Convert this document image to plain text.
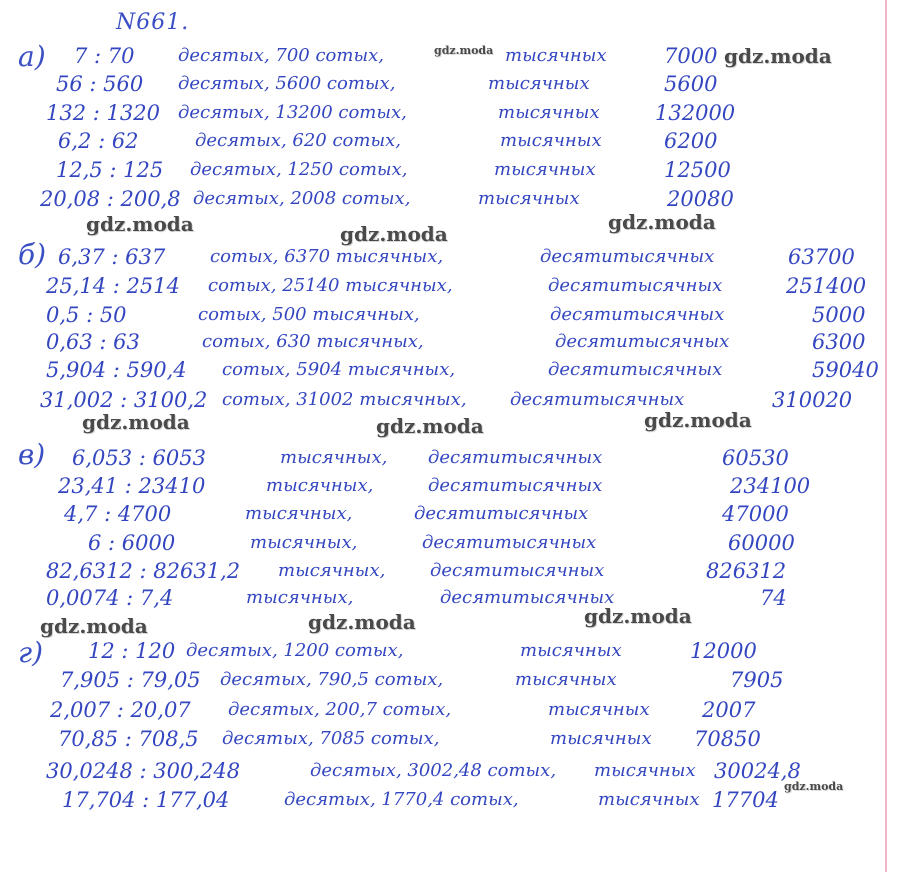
N661.
а) 7 : 70 десятых, 700 сотых,	тысячных	7000
56 : 560 десятых, 5600 сотых,	тысячных	5600
132 : 1320 десятых, 13200 сотых,	тысячных	132000
6,2 : 62	десятых, 620 сотых,	тысячных	6200
12,5 : 125 десятых, 1250 сотых,	тысячных	12500
20,08 : 200,8 десятых, 2008 сотых,	тысячных	20080
б) 6,37 : 637 сотых, 6370 тысячных,	десятитысячных	63700
25,14 : 2514 сотых, 25140 тысячных,	десятитысячных	251400
0,5 : 50	сотых, 500 тысячных,	десятитысячных	5000
0,63 : 63	сотых, 630 тысячных,	десятитысячных	6300
5,904 : 590,4 сотых, 5904 тысячных,	десятитысячных	59040
31,002 : 3100,2 сотых, 31002 тысячных, десятитысячных	310020
в) 6,053 : 6053	тысячных, десятитысячных	60530
23,41 : 23410	тысячных,	десятитысячных	234100
4,7 : 4700	тысячных,	десятитысячных	47000
6 : 6000	тысячных,	десятитысячных	60000
82,6312 : 82631,2 тысячных, десятитысячных	826312
0,0074 : 7,4	тысячных,	десятитысячных	74
г) 12 : 120 десятых, 1200 сотых,	тысячных	12000
7,905 : 79,05 десятых, 790,5 сотых,	тысячных	7905
2,007 : 20,07 десятых, 200,7 сотых,	тысячных 2007
70,85 : 708,5 десятых, 7085 сотых,	тысячных 70850
30,0248 : 300,248	десятых, 3002,48 сотых, тысячных 30024,8
17,704 : 177,04	десятых, 1770,4 сотых,	тысячных 17704
gdz.moda
gdz.moda
gdz.moda	gdz.moda	gdz.moda
gdz.moda	gdz.moda	gdz.moda
gdz.moda	gdz.moda	gdz.moda
gdz.moda
